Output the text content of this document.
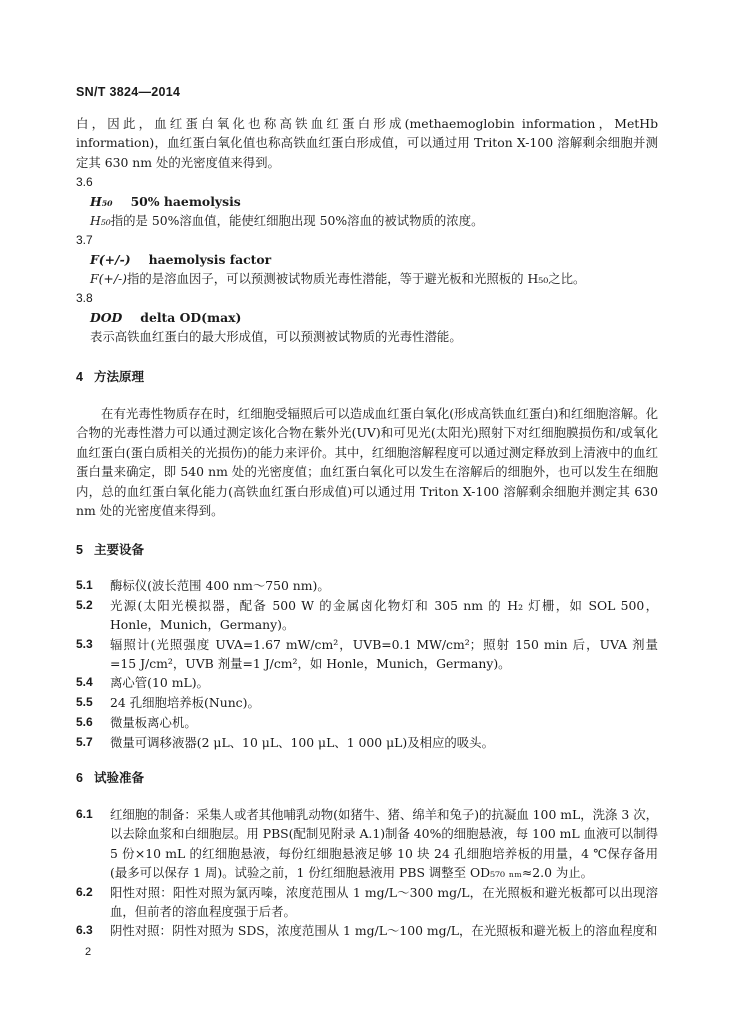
SN/T 3824—2014

白，因此，血红蛋白氧化也称高铁血红蛋白形成(methaemoglobin information，MetHb information)，血红蛋白氧化值也称高铁血红蛋白形成值，可以通过用 Triton X-100 溶解剩余细胞并测定其 630 nm 处的光密度值来得到。

3.6

H₅₀ 50% haemolysis

H₅₀指的是 50%溶血值，能使红细胞出现 50%溶血的被试物质的浓度。

3.7

F(+/-) haemolysis factor

F(+/-)指的是溶血因子，可以预测被试物质光毒性潜能，等于避光板和光照板的 H₅₀之比。

3.8

DOD delta OD(max)

表示高铁血红蛋白的最大形成值，可以预测被试物质的光毒性潜能。

4 方法原理

在有光毒性物质存在时，红细胞受辐照后可以造成血红蛋白氧化(形成高铁血红蛋白)和红细胞溶解。化合物的光毒性潜力可以通过测定该化合物在紫外光(UV)和可见光(太阳光)照射下对红细胞膜损伤和/或氧化血红蛋白(蛋白质相关的光损伤)的能力来评价。其中，红细胞溶解程度可以通过测定释放到上清液中的血红蛋白量来确定，即 540 nm 处的光密度值；血红蛋白氧化可以发生在溶解后的细胞外，也可以发生在细胞内，总的血红蛋白氧化能力(高铁血红蛋白形成值)可以通过用 Triton X-100 溶解剩余细胞并测定其 630 nm 处的光密度值来得到。

5 主要设备

5.1	酶标仪(波长范围 400 nm～750 nm)。
5.2	光源(太阳光模拟器，配备 500 W 的金属卤化物灯和 305 nm 的 H₂ 灯栅，如 SOL 500，Honle，Munich，Germany)。
5.3	辐照计(光照强度 UVA=1.67 mW/cm²，UVB=0.1 MW/cm²；照射 150 min 后，UVA 剂量=15 J/cm²，UVB 剂量=1 J/cm²，如 Honle，Munich，Germany)。
5.4	离心管(10 mL)。
5.5	24 孔细胞培养板(Nunc)。
5.6	微量板离心机。
5.7	微量可调移液器(2 μL、10 μL、100 μL、1 000 μL)及相应的吸头。

6 试验准备

6.1	红细胞的制备：采集人或者其他哺乳动物(如猪牛、猪、绵羊和兔子)的抗凝血 100 mL，洗涤 3 次，以去除血浆和白细胞层。用 PBS(配制见附录 A.1)制备 40%的细胞悬液，每 100 mL 血液可以制得 5 份×10 mL 的红细胞悬液，每份红细胞悬液足够 10 块 24 孔细胞培养板的用量，4 ℃保存备用(最多可以保存 1 周)。试验之前，1 份红细胞悬液用 PBS 调整至 OD₅₇₀ ₙₘ≈2.0 为止。
6.2	阳性对照：阳性对照为氯丙嗪，浓度范围从 1 mg/L～300 mg/L，在光照板和避光板都可以出现溶血，但前者的溶血程度强于后者。
6.3	阴性对照：阴性对照为 SDS，浓度范围从 1 mg/L～100 mg/L，在光照板和避光板上的溶血程度和
2
